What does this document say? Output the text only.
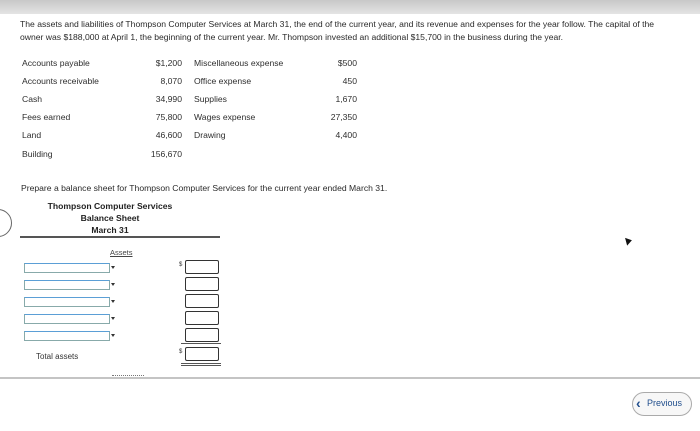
The assets and liabilities of Thompson Computer Services at March 31, the end of the current year, and its revenue and expenses for the year follow. The capital of the
owner was $188,000 at April 1, the beginning of the current year. Mr. Thompson invested an additional $15,700 in the business during the year.
Accounts payable	$1,200 Miscellaneous expense	$500
Accounts receivable	8,070 Office expense	450
Cash	34,990 Supplies	1,670
Fees earned	75,800 Wages expense	27,350
Land	46,600 Drawing	4,400
Building	156,670
Prepare a balance sheet for Thompson Computer Services for the current year ended March 31.
Thompson Computer Services
Balance Sheet
March 31
Assets
$
Total assets	$
‹ Previous
